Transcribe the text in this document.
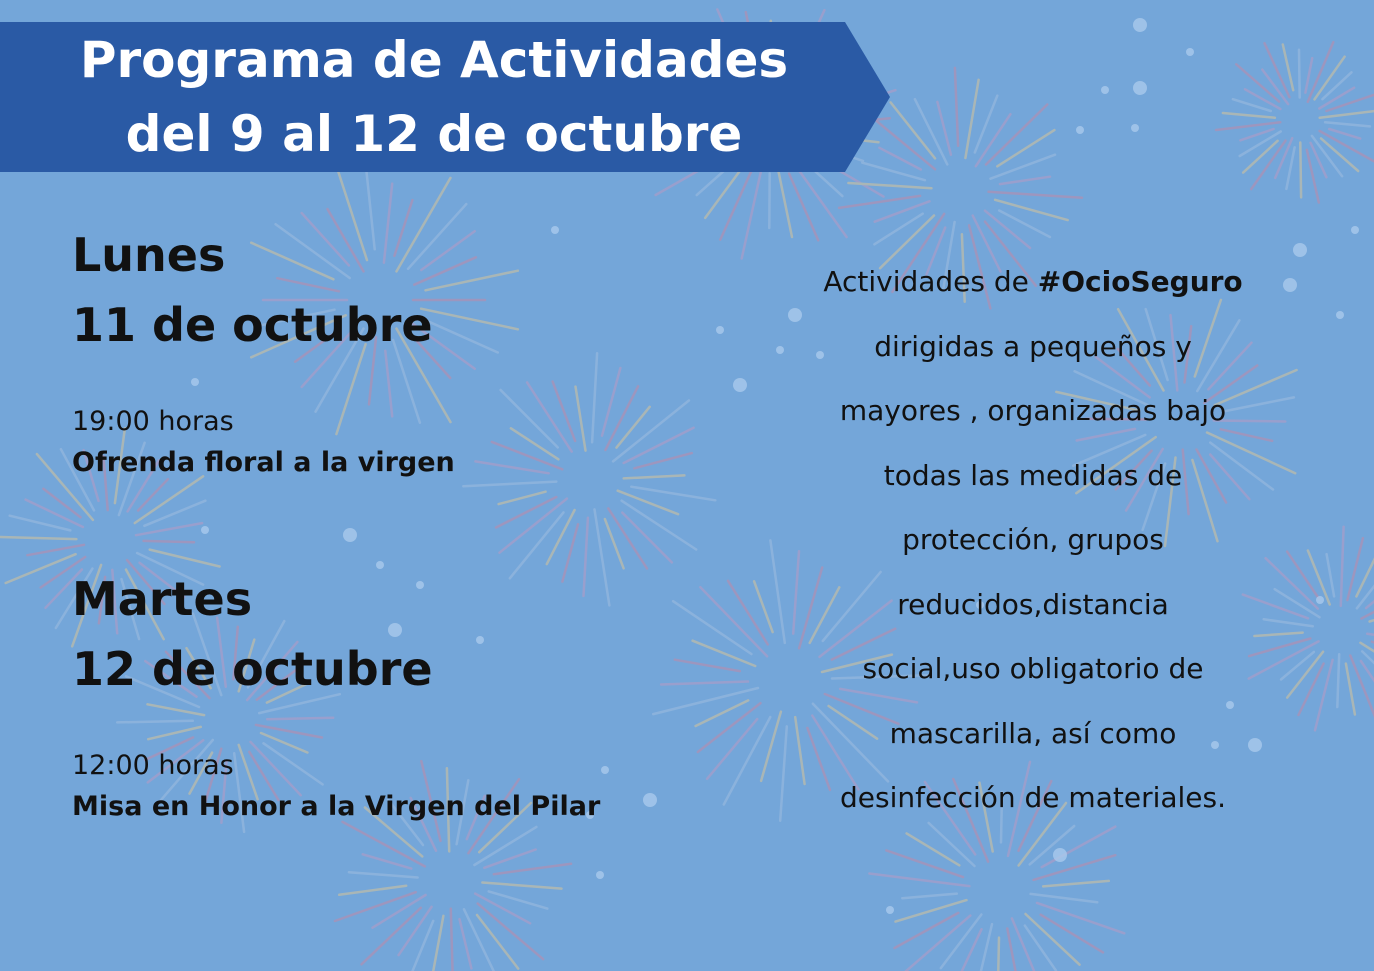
Programa de Actividades
del 9 al 12 de octubre
Lunes
11 de octubre
19:00 horas
Ofrenda floral a la virgen
Martes
12 de octubre
12:00 horas
Misa en Honor a la Virgen del Pilar
Actividades de #OcioSeguro
dirigidas a pequeños y
mayores , organizadas bajo
todas las medidas de
protección, grupos
reducidos,distancia
social,uso obligatorio de
mascarilla, así como
desinfección de materiales.
